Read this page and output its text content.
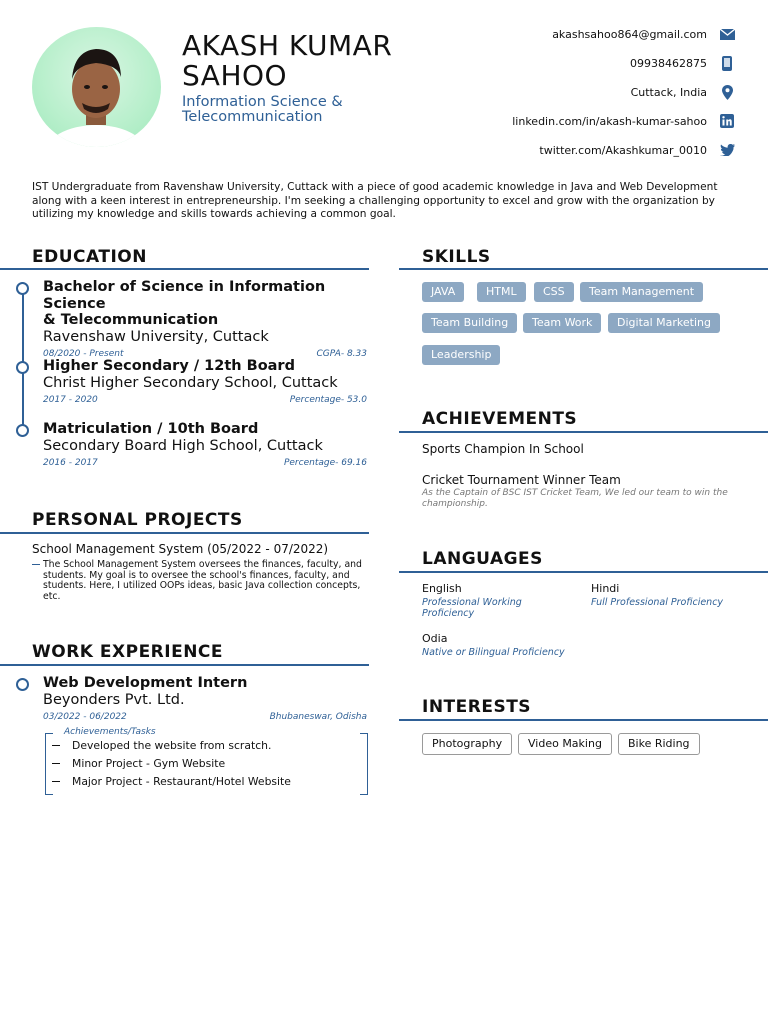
AKASH KUMAR
SAHOO
Information Science &
Telecommunication
akashsahoo864@gmail.com
09938462875
Cuttack, India
linkedin.com/in/akash-kumar-sahoo
twitter.com/Akashkumar_0010
IST Undergraduate from Ravenshaw University, Cuttack with a piece of good academic knowledge in Java and Web Development along with a keen interest in entrepreneurship. I'm seeking a challenging opportunity to excel and grow with the organization by utilizing my knowledge and skills towards achieving a common goal.
EDUCATION
Bachelor of Science in Information Science
& Telecommunication
Ravenshaw University, Cuttack
08/2020 - Present	CGPA- 8.33
Higher Secondary / 12th Board
Christ Higher Secondary School, Cuttack
2017 - 2020	Percentage- 53.0
Matriculation / 10th Board
Secondary Board High School, Cuttack
2016 - 2017	Percentage- 69.16
PERSONAL PROJECTS
School Management System (05/2022 - 07/2022)
The School Management System oversees the finances, faculty, and students. My goal is to oversee the school's finances, faculty, and students. Here, I utilized OOPs ideas, basic Java collection concepts, etc.
WORK EXPERIENCE
Web Development Intern
Beyonders Pvt. Ltd.
03/2022 - 06/2022	Bhubaneswar, Odisha
Achievements/Tasks
Developed the website from scratch.
Minor Project - Gym Website
Major Project - Restaurant/Hotel Website
SKILLS
JAVA	HTML	CSS	Team Management
Team Building	Team Work	Digital Marketing
Leadership
ACHIEVEMENTS
Sports Champion In School
Cricket Tournament Winner Team
As the Captain of BSC IST Cricket Team, We led our team to win the championship.
LANGUAGES
English
Professional Working Proficiency
Hindi
Full Professional Proficiency
Odia
Native or Bilingual Proficiency
INTERESTS
Photography	Video Making	Bike Riding
